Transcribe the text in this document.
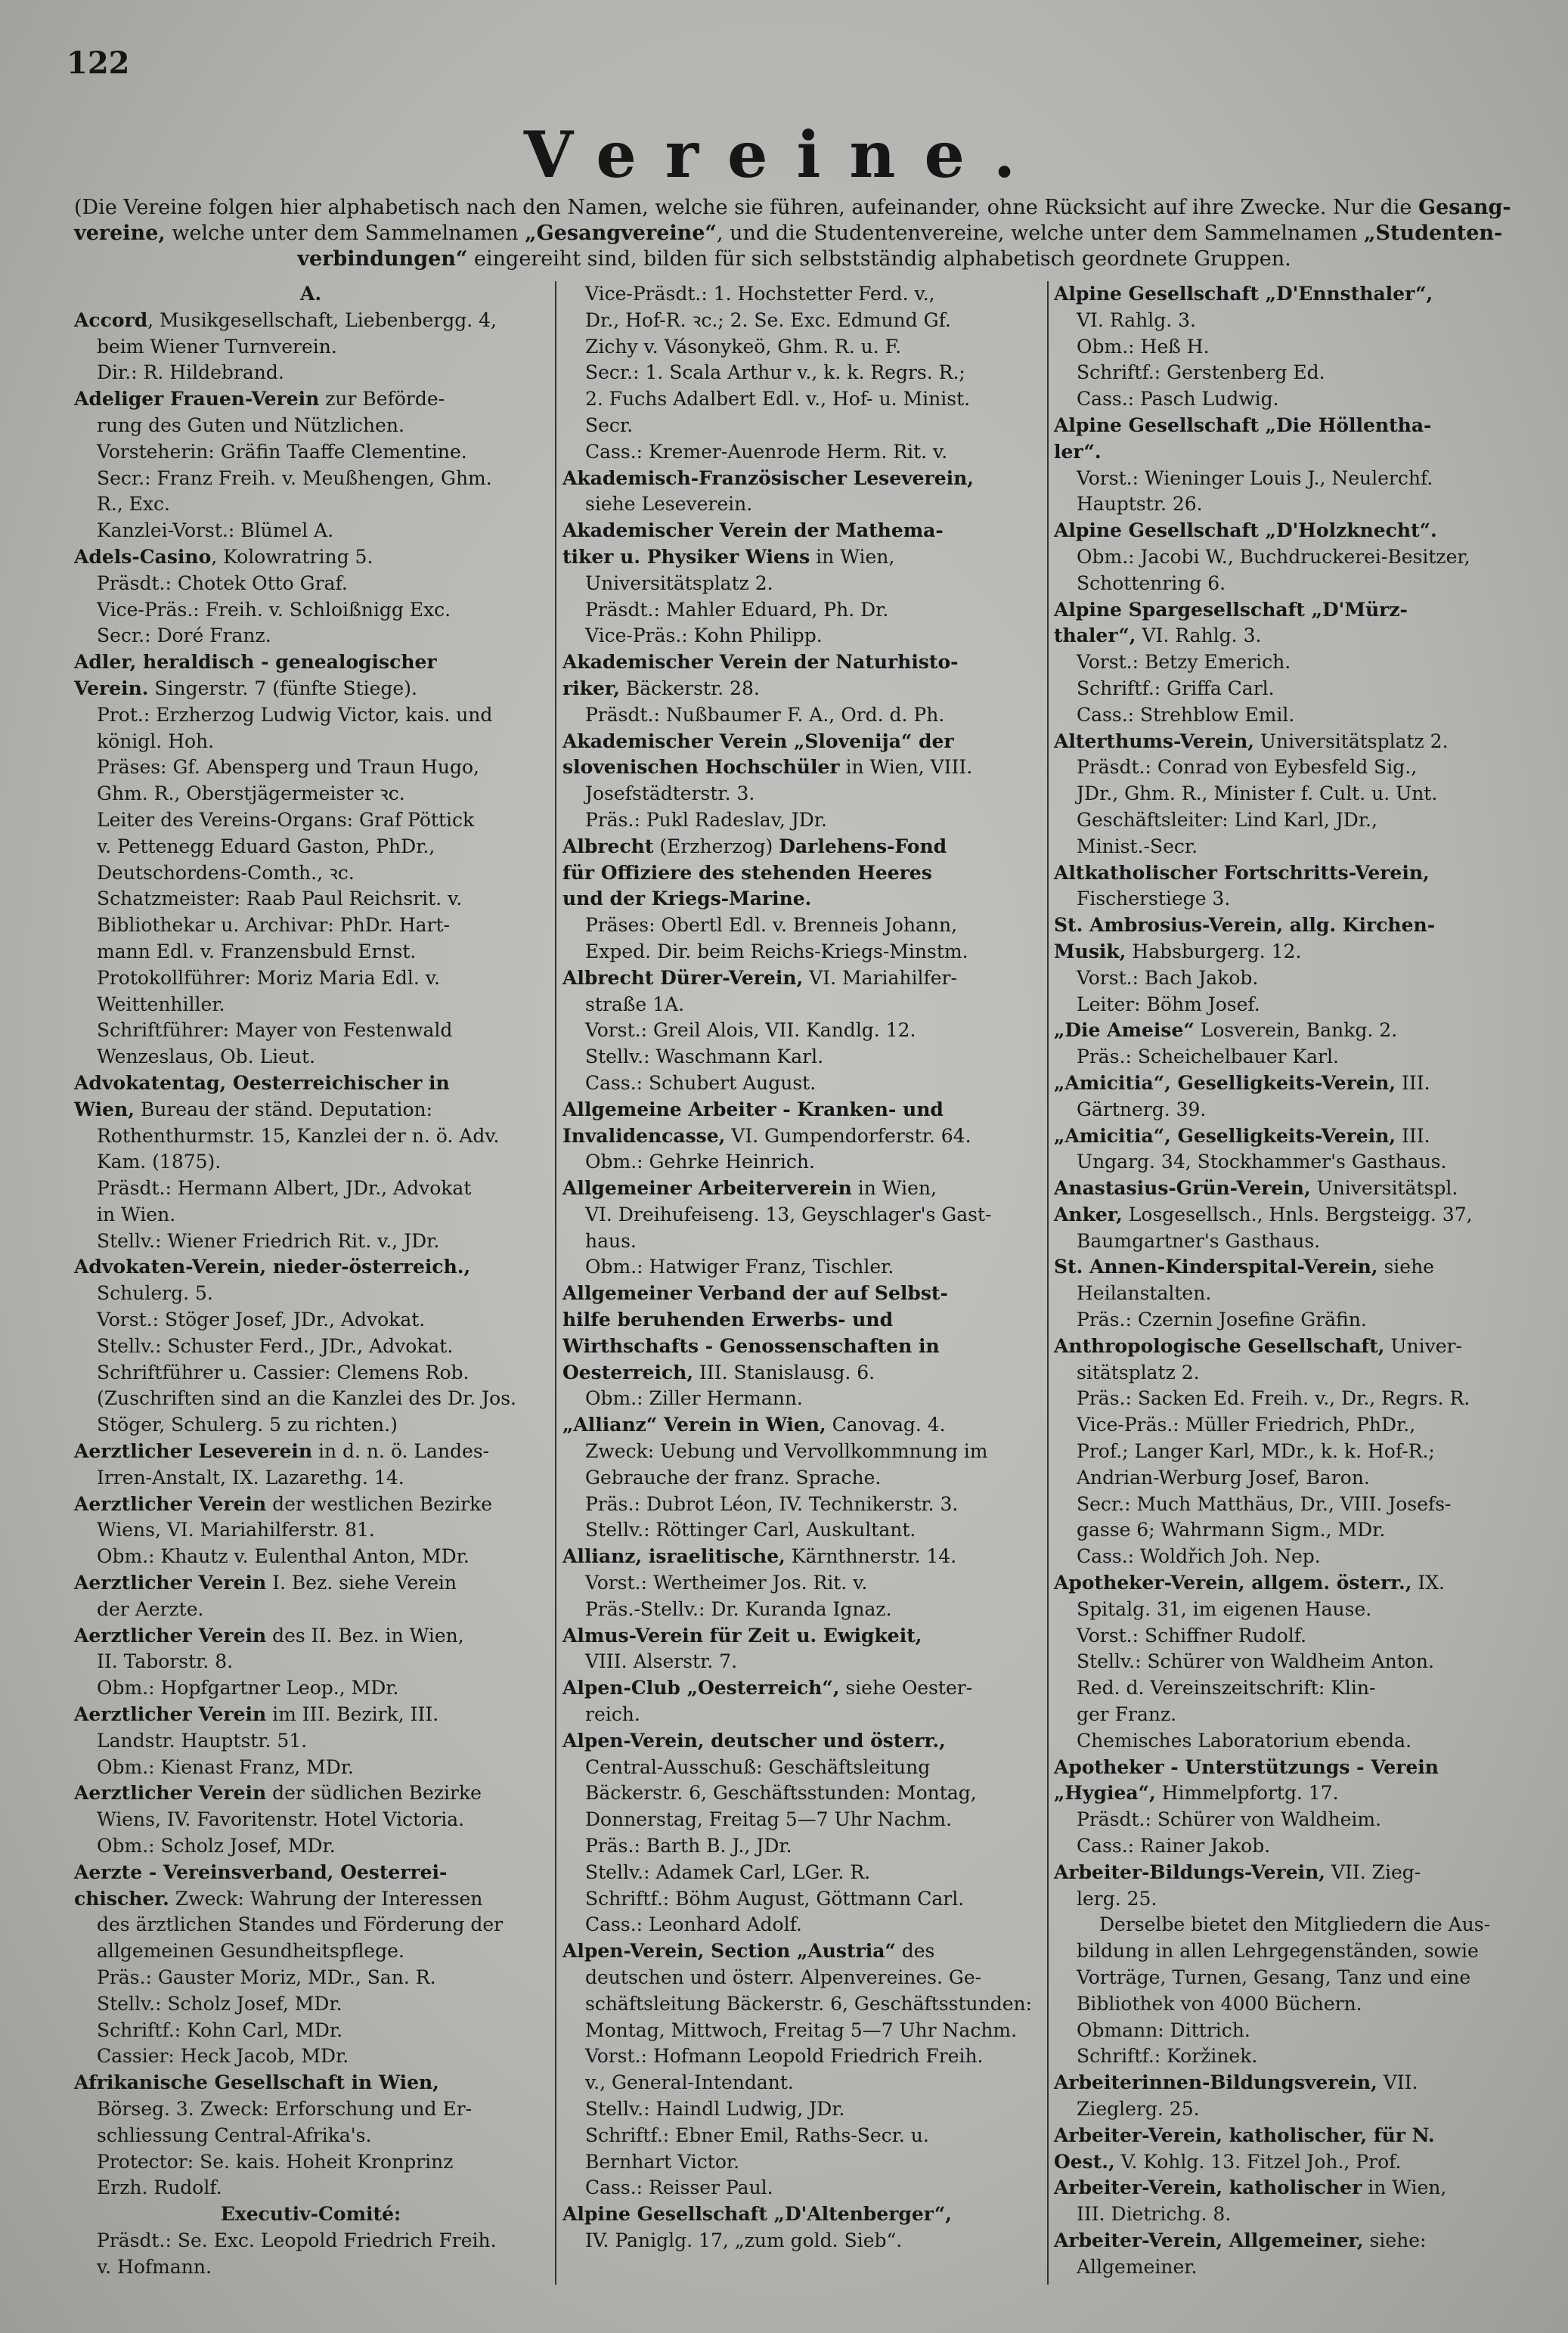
122
Vereine.
(Die Vereine folgen hier alphabetisch nach den Namen, welche sie führen, aufeinander, ohne Rücksicht auf ihre Zwecke. Nur die Gesang-
vereine, welche unter dem Sammelnamen „Gesangvereine“, und die Studentenvereine, welche unter dem Sammelnamen „Studenten-
verbindungen“ eingereiht sind, bilden für sich selbstständig alphabetisch geordnete Gruppen.
A.
Accord, Musikgesellschaft, Liebenbergg. 4,
beim Wiener Turnverein.
Dir.: R. Hildebrand.
Adeliger Frauen-Verein zur Beförde-
rung des Guten und Nützlichen.
Vorsteherin: Gräfin Taaffe Clementine.
Secr.: Franz Freih. v. Meußhengen, Ghm.
R., Exc.
Kanzlei-Vorst.: Blümel A.
Adels-Casino, Kolowratring 5.
Präsdt.: Chotek Otto Graf.
Vice-Präs.: Freih. v. Schloißnigg Exc.
Secr.: Doré Franz.
Adler, heraldisch - genealogischer
Verein. Singerstr. 7 (fünfte Stiege).
Prot.: Erzherzog Ludwig Victor, kais. und
königl. Hoh.
Präses: Gf. Abensperg und Traun Hugo,
Ghm. R., Oberstjägermeister ꝛc.
Leiter des Vereins-Organs: Graf Pöttick
v. Pettenegg Eduard Gaston, PhDr.,
Deutschordens-Comth., ꝛc.
Schatzmeister: Raab Paul Reichsrit. v.
Bibliothekar u. Archivar: PhDr. Hart-
mann Edl. v. Franzensbuld Ernst.
Protokollführer: Moriz Maria Edl. v.
Weittenhiller.
Schriftführer: Mayer von Festenwald
Wenzeslaus, Ob. Lieut.
Advokatentag, Oesterreichischer in
Wien, Bureau der ständ. Deputation:
Rothenthurmstr. 15, Kanzlei der n. ö. Adv.
Kam. (1875).
Präsdt.: Hermann Albert, JDr., Advokat
in Wien.
Stellv.: Wiener Friedrich Rit. v., JDr.
Advokaten-Verein, nieder-österreich.,
Schulerg. 5.
Vorst.: Stöger Josef, JDr., Advokat.
Stellv.: Schuster Ferd., JDr., Advokat.
Schriftführer u. Cassier: Clemens Rob.
(Zuschriften sind an die Kanzlei des Dr. Jos.
Stöger, Schulerg. 5 zu richten.)
Aerztlicher Leseverein in d. n. ö. Landes-
Irren-Anstalt, IX. Lazarethg. 14.
Aerztlicher Verein der westlichen Bezirke
Wiens, VI. Mariahilferstr. 81.
Obm.: Khautz v. Eulenthal Anton, MDr.
Aerztlicher Verein I. Bez. siehe Verein
der Aerzte.
Aerztlicher Verein des II. Bez. in Wien,
II. Taborstr. 8.
Obm.: Hopfgartner Leop., MDr.
Aerztlicher Verein im III. Bezirk, III.
Landstr. Hauptstr. 51.
Obm.: Kienast Franz, MDr.
Aerztlicher Verein der südlichen Bezirke
Wiens, IV. Favoritenstr. Hotel Victoria.
Obm.: Scholz Josef, MDr.
Aerzte - Vereinsverband, Oesterrei-
chischer. Zweck: Wahrung der Interessen
des ärztlichen Standes und Förderung der
allgemeinen Gesundheitspflege.
Präs.: Gauster Moriz, MDr., San. R.
Stellv.: Scholz Josef, MDr.
Schriftf.: Kohn Carl, MDr.
Cassier: Heck Jacob, MDr.
Afrikanische Gesellschaft in Wien,
Börseg. 3. Zweck: Erforschung und Er-
schliessung Central-Afrika's.
Protector: Se. kais. Hoheit Kronprinz
Erzh. Rudolf.
Executiv-Comité:
Präsdt.: Se. Exc. Leopold Friedrich Freih.
v. Hofmann.
Vice-Präsdt.: 1. Hochstetter Ferd. v.,
Dr., Hof-R. ꝛc.; 2. Se. Exc. Edmund Gf.
Zichy v. Vásonykeö, Ghm. R. u. F.
Secr.: 1. Scala Arthur v., k. k. Regrs. R.;
2. Fuchs Adalbert Edl. v., Hof- u. Minist.
Secr.
Cass.: Kremer-Auenrode Herm. Rit. v.
Akademisch-Französischer Leseverein,
siehe Leseverein.
Akademischer Verein der Mathema-
tiker u. Physiker Wiens in Wien,
Universitätsplatz 2.
Präsdt.: Mahler Eduard, Ph. Dr.
Vice-Präs.: Kohn Philipp.
Akademischer Verein der Naturhisto-
riker, Bäckerstr. 28.
Präsdt.: Nußbaumer F. A., Ord. d. Ph.
Akademischer Verein „Slovenija“ der
slovenischen Hochschüler in Wien, VIII.
Josefstädterstr. 3.
Präs.: Pukl Radeslav, JDr.
Albrecht (Erzherzog) Darlehens-Fond
für Offiziere des stehenden Heeres
und der Kriegs-Marine.
Präses: Obertl Edl. v. Brenneis Johann,
Exped. Dir. beim Reichs-Kriegs-Minstm.
Albrecht Dürer-Verein, VI. Mariahilfer-
straße 1A.
Vorst.: Greil Alois, VII. Kandlg. 12.
Stellv.: Waschmann Karl.
Cass.: Schubert August.
Allgemeine Arbeiter - Kranken- und
Invalidencasse, VI. Gumpendorferstr. 64.
Obm.: Gehrke Heinrich.
Allgemeiner Arbeiterverein in Wien,
VI. Dreihufeiseng. 13, Geyschlager's Gast-
haus.
Obm.: Hatwiger Franz, Tischler.
Allgemeiner Verband der auf Selbst-
hilfe beruhenden Erwerbs- und
Wirthschafts - Genossenschaften in
Oesterreich, III. Stanislausg. 6.
Obm.: Ziller Hermann.
„Allianz“ Verein in Wien, Canovag. 4.
Zweck: Uebung und Vervollkommnung im
Gebrauche der franz. Sprache.
Präs.: Dubrot Léon, IV. Technikerstr. 3.
Stellv.: Röttinger Carl, Auskultant.
Allianz, israelitische, Kärnthnerstr. 14.
Vorst.: Wertheimer Jos. Rit. v.
Präs.-Stellv.: Dr. Kuranda Ignaz.
Almus-Verein für Zeit u. Ewigkeit,
VIII. Alserstr. 7.
Alpen-Club „Oesterreich“, siehe Oester-
reich.
Alpen-Verein, deutscher und österr.,
Central-Ausschuß: Geschäftsleitung
Bäckerstr. 6, Geschäftsstunden: Montag,
Donnerstag, Freitag 5—7 Uhr Nachm.
Präs.: Barth B. J., JDr.
Stellv.: Adamek Carl, LGer. R.
Schriftf.: Böhm August, Göttmann Carl.
Cass.: Leonhard Adolf.
Alpen-Verein, Section „Austria“ des
deutschen und österr. Alpenvereines. Ge-
schäftsleitung Bäckerstr. 6, Geschäftsstunden:
Montag, Mittwoch, Freitag 5—7 Uhr Nachm.
Vorst.: Hofmann Leopold Friedrich Freih.
v., General-Intendant.
Stellv.: Haindl Ludwig, JDr.
Schriftf.: Ebner Emil, Raths-Secr. u.
Bernhart Victor.
Cass.: Reisser Paul.
Alpine Gesellschaft „D'Altenberger“,
IV. Paniglg. 17, „zum gold. Sieb“.
Alpine Gesellschaft „D'Ennsthaler“,
VI. Rahlg. 3.
Obm.: Heß H.
Schriftf.: Gerstenberg Ed.
Cass.: Pasch Ludwig.
Alpine Gesellschaft „Die Höllentha-
ler“.
Vorst.: Wieninger Louis J., Neulerchf.
Hauptstr. 26.
Alpine Gesellschaft „D'Holzknecht“.
Obm.: Jacobi W., Buchdruckerei-Besitzer,
Schottenring 6.
Alpine Spargesellschaft „D'Mürz-
thaler“, VI. Rahlg. 3.
Vorst.: Betzy Emerich.
Schriftf.: Griffa Carl.
Cass.: Strehblow Emil.
Alterthums-Verein, Universitätsplatz 2.
Präsdt.: Conrad von Eybesfeld Sig.,
JDr., Ghm. R., Minister f. Cult. u. Unt.
Geschäftsleiter: Lind Karl, JDr.,
Minist.-Secr.
Altkatholischer Fortschritts-Verein,
Fischerstiege 3.
St. Ambrosius-Verein, allg. Kirchen-
Musik, Habsburgerg. 12.
Vorst.: Bach Jakob.
Leiter: Böhm Josef.
„Die Ameise“ Losverein, Bankg. 2.
Präs.: Scheichelbauer Karl.
„Amicitia“, Geselligkeits-Verein, III.
Gärtnerg. 39.
„Amicitia“, Geselligkeits-Verein, III.
Ungarg. 34, Stockhammer's Gasthaus.
Anastasius-Grün-Verein, Universitätspl.
Anker, Losgesellsch., Hnls. Bergsteigg. 37,
Baumgartner's Gasthaus.
St. Annen-Kinderspital-Verein, siehe
Heilanstalten.
Präs.: Czernin Josefine Gräfin.
Anthropologische Gesellschaft, Univer-
sitätsplatz 2.
Präs.: Sacken Ed. Freih. v., Dr., Regrs. R.
Vice-Präs.: Müller Friedrich, PhDr.,
Prof.; Langer Karl, MDr., k. k. Hof-R.;
Andrian-Werburg Josef, Baron.
Secr.: Much Matthäus, Dr., VIII. Josefs-
gasse 6; Wahrmann Sigm., MDr.
Cass.: Woldřich Joh. Nep.
Apotheker-Verein, allgem. österr., IX.
Spitalg. 31, im eigenen Hause.
Vorst.: Schiffner Rudolf.
Stellv.: Schürer von Waldheim Anton.
Red. d. Vereinszeitschrift: Klin-
ger Franz.
Chemisches Laboratorium ebenda.
Apotheker - Unterstützungs - Verein
„Hygiea“, Himmelpfortg. 17.
Präsdt.: Schürer von Waldheim.
Cass.: Rainer Jakob.
Arbeiter-Bildungs-Verein, VII. Zieg-
lerg. 25.
Derselbe bietet den Mitgliedern die Aus-
bildung in allen Lehrgegenständen, sowie
Vorträge, Turnen, Gesang, Tanz und eine
Bibliothek von 4000 Büchern.
Obmann: Dittrich.
Schriftf.: Koržinek.
Arbeiterinnen-Bildungsverein, VII.
Zieglerg. 25.
Arbeiter-Verein, katholischer, für N.
Oest., V. Kohlg. 13. Fitzel Joh., Prof.
Arbeiter-Verein, katholischer in Wien,
III. Dietrichg. 8.
Arbeiter-Verein, Allgemeiner, siehe:
Allgemeiner.
